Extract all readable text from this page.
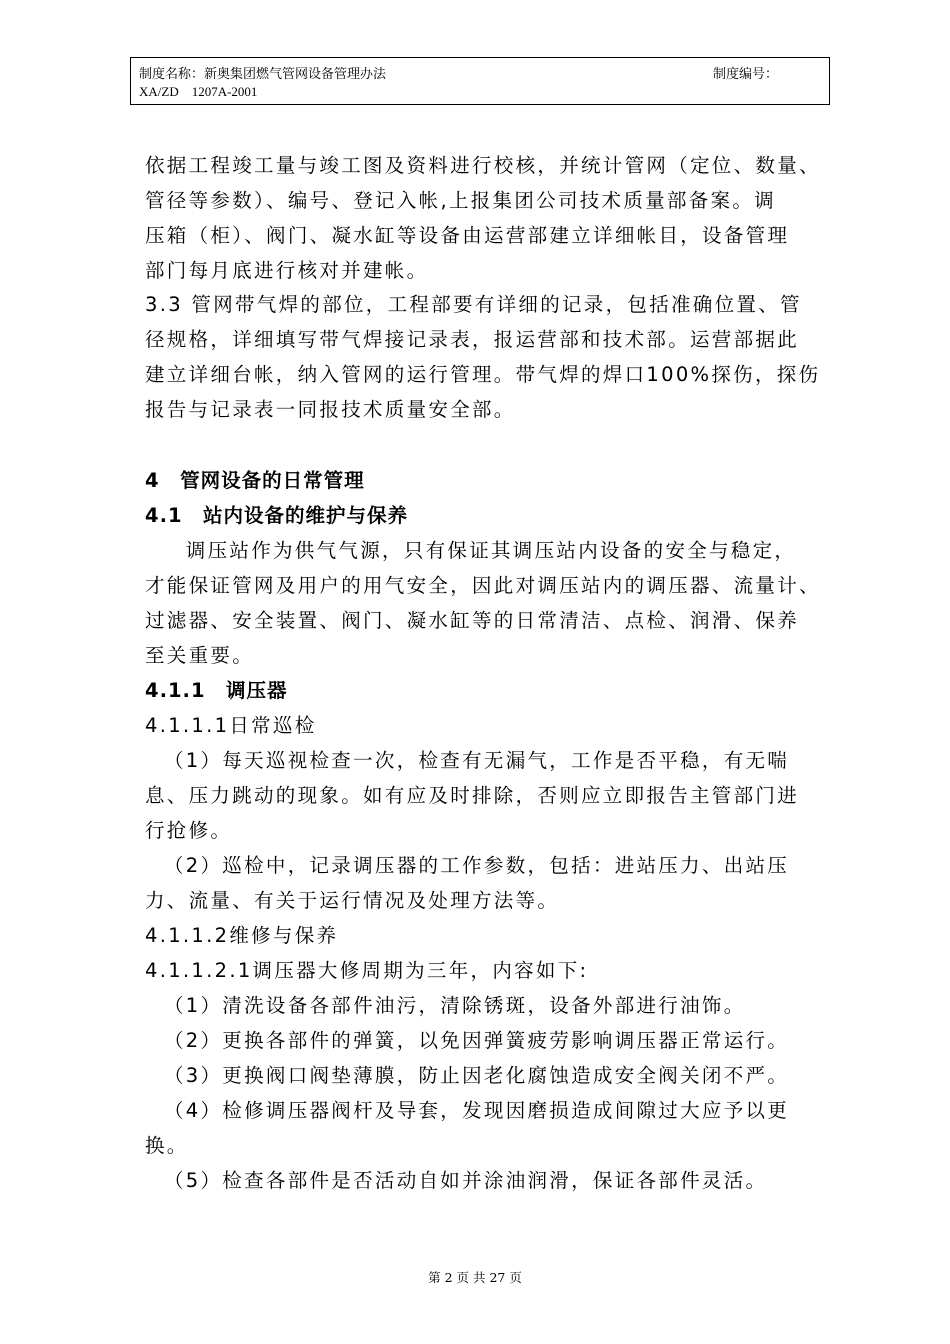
制度名称：新奥集团燃气管网设备管理办法	制度编号：
XA/ZD　1207A-2001
依据工程竣工量与竣工图及资料进行校核，并统计管网（定位、数量、
管径等参数）、编号、登记入帐,上报集团公司技术质量部备案。调
压箱（柜）、阀门、凝水缸等设备由运营部建立详细帐目，设备管理
部门每月底进行核对并建帐。
3.3 管网带气焊的部位，工程部要有详细的记录，包括准确位置、管
径规格，详细填写带气焊接记录表，报运营部和技术部。运营部据此
建立详细台帐，纳入管网的运行管理。带气焊的焊口100%探伤，探伤
报告与记录表一同报技术质量安全部。
4　管网设备的日常管理
4.1　站内设备的维护与保养
　调压站作为供气气源，只有保证其调压站内设备的安全与稳定，
才能保证管网及用户的用气安全，因此对调压站内的调压器、流量计、
过滤器、安全装置、阀门、凝水缸等的日常清洁、点检、润滑、保养
至关重要。
4.1.1　调压器
4.1.1.1日常巡检
（1）每天巡视检查一次，检查有无漏气，工作是否平稳，有无喘
息、压力跳动的现象。如有应及时排除，否则应立即报告主管部门进
行抢修。
（2）巡检中，记录调压器的工作参数，包括：进站压力、出站压
力、流量、有关于运行情况及处理方法等。
4.1.1.2维修与保养
4.1.1.2.1调压器大修周期为三年，内容如下:
（1）清洗设备各部件油污，清除锈斑，设备外部进行油饰。
（2）更换各部件的弹簧，以免因弹簧疲劳影响调压器正常运行。
（3）更换阀口阀垫薄膜，防止因老化腐蚀造成安全阀关闭不严。
（4）检修调压器阀杆及导套，发现因磨损造成间隙过大应予以更
换。
（5）检查各部件是否活动自如并涂油润滑，保证各部件灵活。
第 2 页 共 27 页
